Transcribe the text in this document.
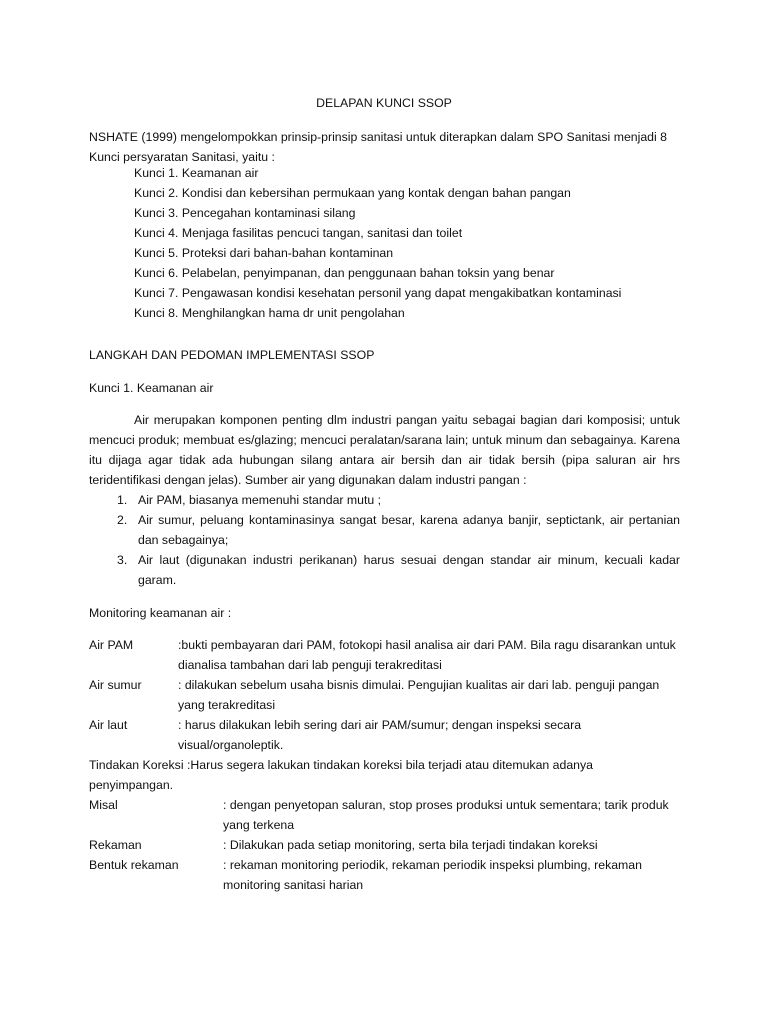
DELAPAN KUNCI SSOP

NSHATE (1999) mengelompokkan prinsip-prinsip sanitasi untuk diterapkan dalam SPO Sanitasi menjadi 8 Kunci persyaratan Sanitasi, yaitu :

Kunci 1. Keamanan air

Kunci 2. Kondisi dan kebersihan permukaan yang kontak dengan bahan pangan

Kunci 3. Pencegahan kontaminasi silang

Kunci 4. Menjaga fasilitas pencuci tangan, sanitasi dan toilet

Kunci 5. Proteksi dari bahan-bahan kontaminan

Kunci 6. Pelabelan, penyimpanan, dan penggunaan bahan toksin yang benar

Kunci 7. Pengawasan kondisi kesehatan personil yang dapat mengakibatkan kontaminasi

Kunci 8. Menghilangkan hama dr unit pengolahan

LANGKAH DAN PEDOMAN IMPLEMENTASI SSOP

Kunci 1. Keamanan air

Air merupakan komponen penting dlm industri pangan yaitu sebagai bagian dari komposisi; untuk mencuci produk; membuat es/glazing; mencuci peralatan/sarana lain; untuk minum dan sebagainya. Karena itu dijaga agar tidak ada hubungan silang antara air bersih dan air tidak bersih (pipa saluran air hrs teridentifikasi dengan jelas). Sumber air yang digunakan dalam industri pangan :

1. Air PAM, biasanya memenuhi standar mutu ;
2. Air sumur, peluang kontaminasinya sangat besar, karena adanya banjir, septictank, air pertanian dan sebagainya;
3. Air laut (digunakan industri perikanan) harus sesuai dengan standar air minum, kecuali kadar garam.

Monitoring keamanan air :

Air PAM	:bukti pembayaran dari PAM, fotokopi hasil analisa air dari PAM. Bila ragu disarankan untuk dianalisa tambahan dari lab penguji terakreditasi

Air sumur	: dilakukan sebelum usaha bisnis dimulai. Pengujian kualitas air dari lab. penguji pangan yang terakreditasi

Air laut	: harus dilakukan lebih sering dari air PAM/sumur; dengan inspeksi secara visual/organoleptik.

Tindakan Koreksi :Harus segera lakukan tindakan koreksi bila terjadi atau ditemukan adanya penyimpangan.

Misal	: dengan penyetopan saluran, stop proses produksi untuk sementara; tarik produk yang terkena

Rekaman	: Dilakukan pada setiap monitoring, serta bila terjadi tindakan koreksi

Bentuk rekaman	: rekaman monitoring periodik, rekaman periodik inspeksi plumbing, rekaman monitoring sanitasi harian
